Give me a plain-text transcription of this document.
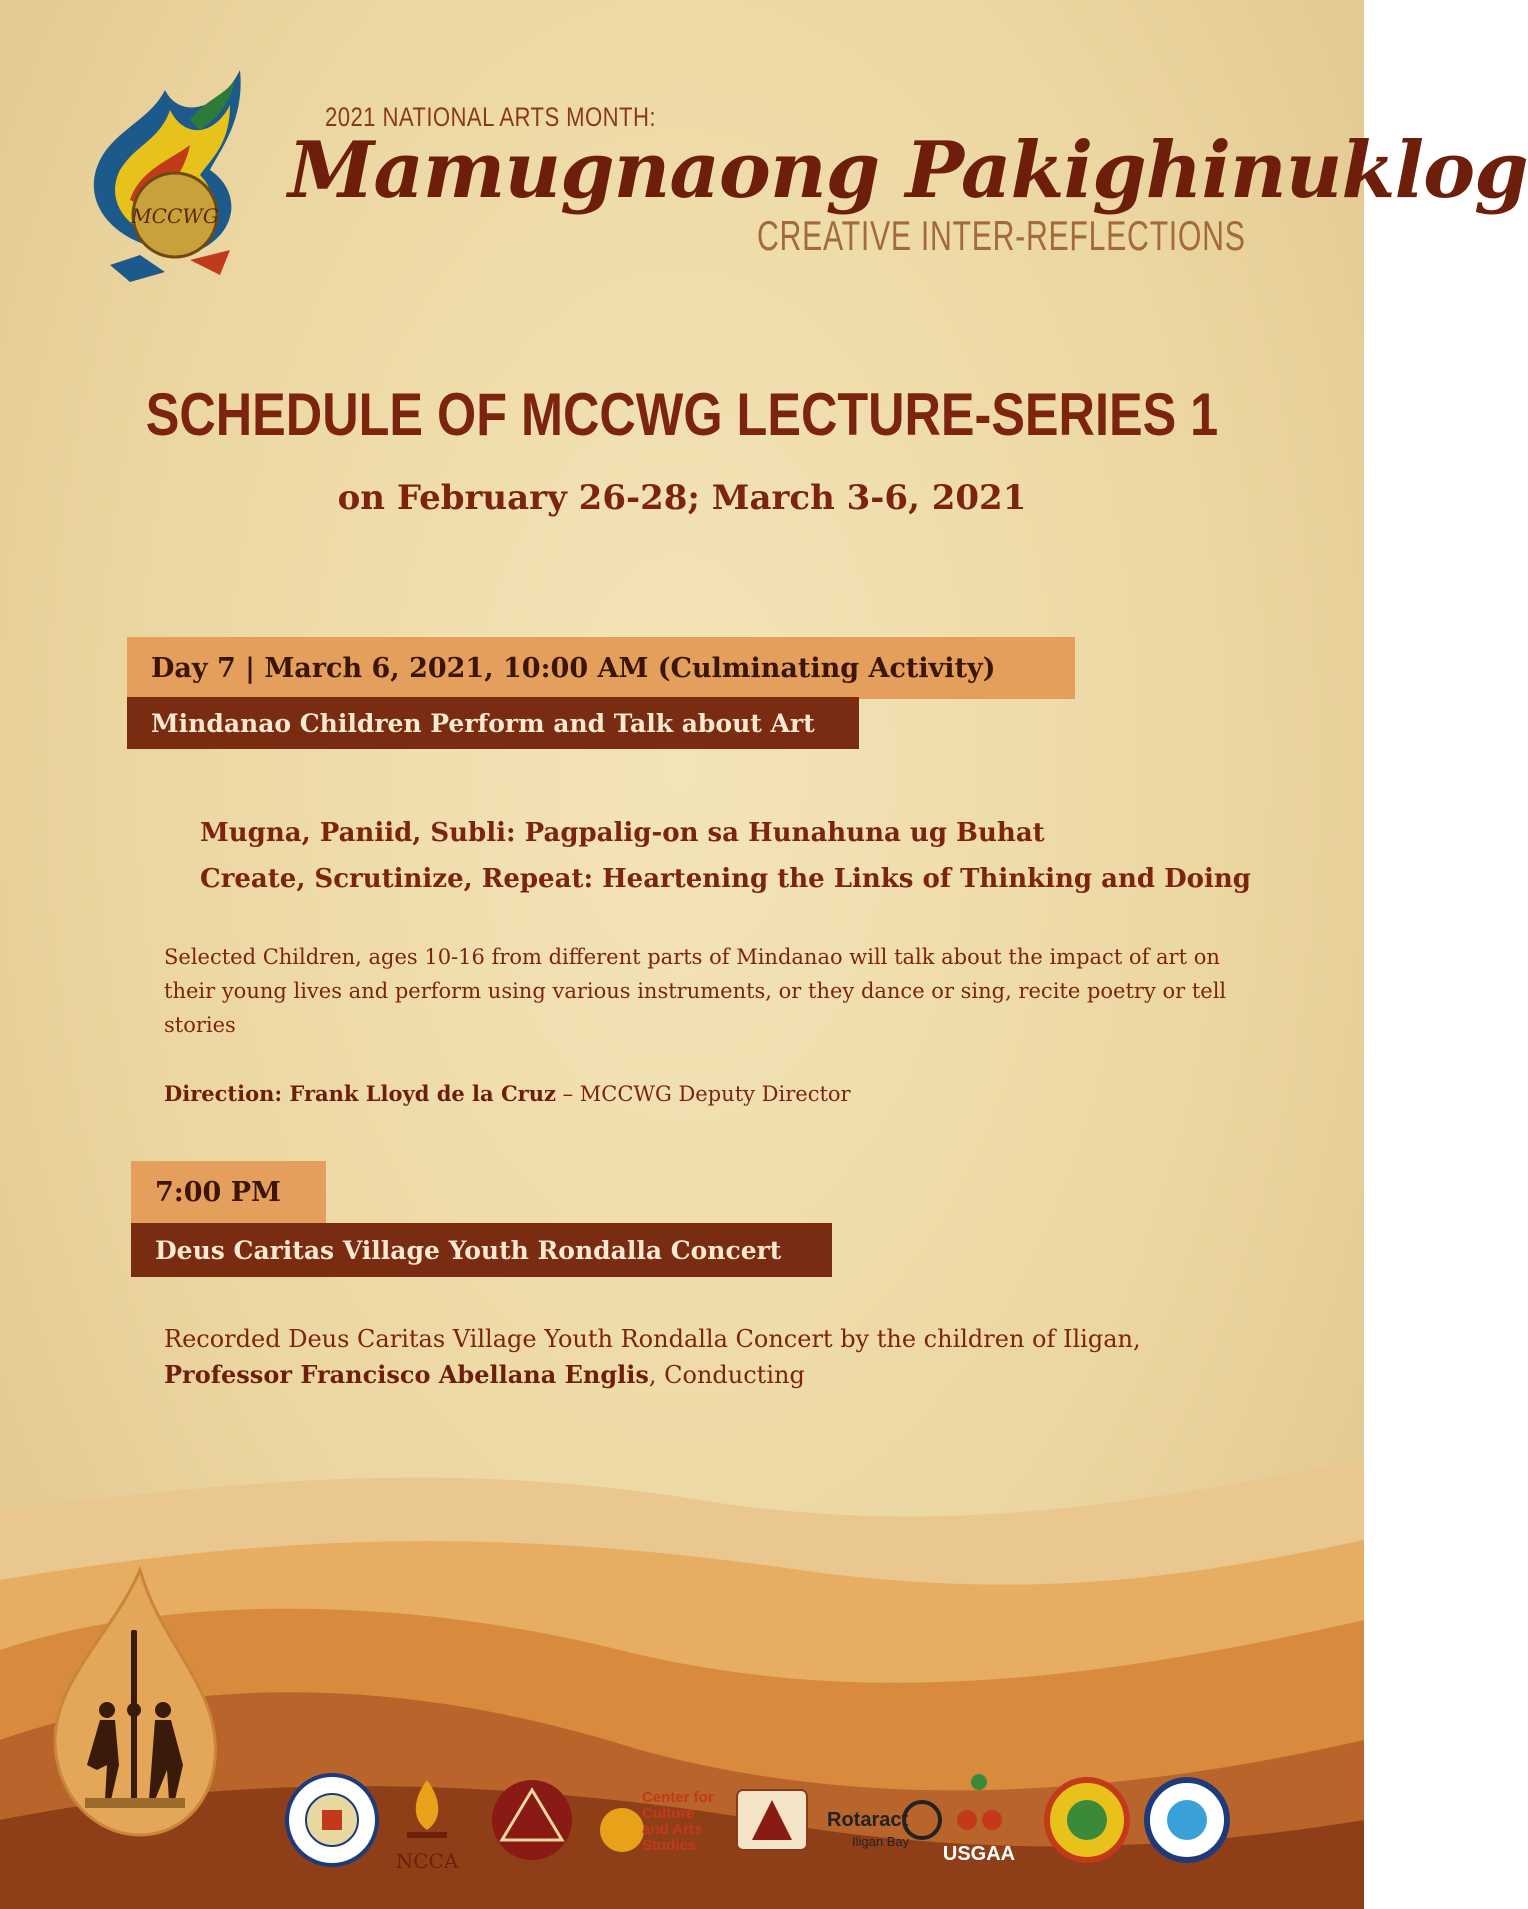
MCCWG
2021 NATIONAL ARTS MONTH:
Mamugnaong Pakighinuklog
CREATIVE INTER-REFLECTIONS
SCHEDULE OF MCCWG LECTURE-SERIES 1
on February 26-28; March 3-6, 2021
Day 7 | March 6, 2021, 10:00 AM (Culminating Activity)
Mindanao Children Perform and Talk about Art
Mugna, Paniid, Subli: Pagpalig-on sa Hunahuna ug Buhat
Create, Scrutinize, Repeat: Heartening the Links of Thinking and Doing
Selected Children, ages 10-16 from different parts of Mindanao will talk about the impact of art on their young lives and perform using various instruments, or they dance or sing, recite poetry or tell stories
Direction: Frank Lloyd de la Cruz – MCCWG Deputy Director
7:00 PM
Deus Caritas Village Youth Rondalla Concert
Recorded Deus Caritas Village Youth Rondalla Concert by the children of Iligan,
Professor Francisco Abellana Englis, Conducting
NCCA
Center for
Culture
and Arts
Studies
Rotaract
Iligan Bay
USGAA
